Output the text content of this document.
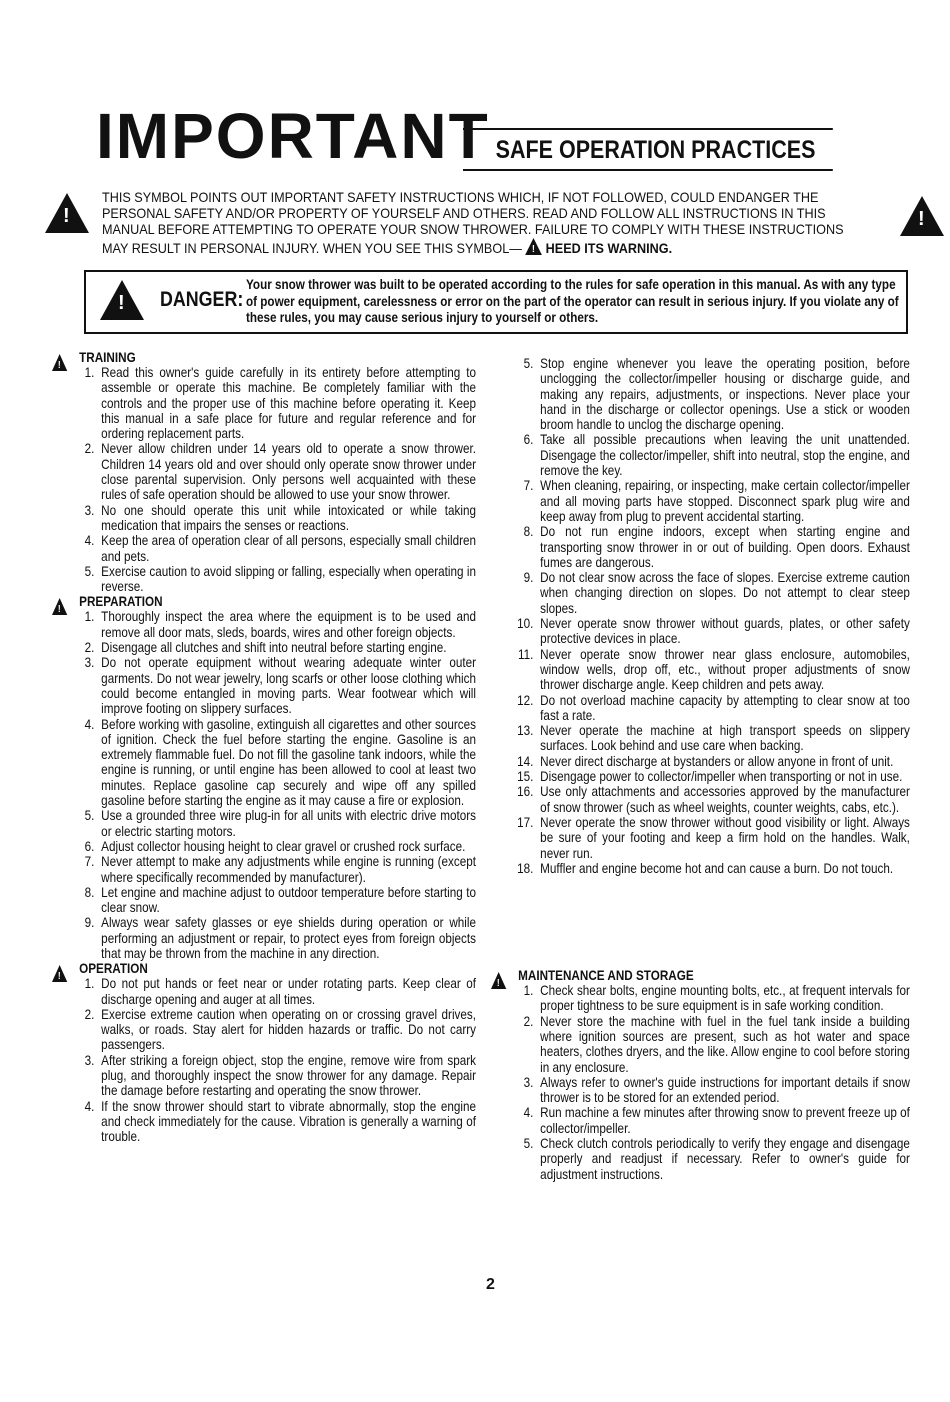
IMPORTANT SAFE OPERATION PRACTICES
!
!
THIS SYMBOL POINTS OUT IMPORTANT SAFETY INSTRUCTIONS WHICH, IF NOT FOLLOWED, COULD ENDANGER THE PERSONAL SAFETY AND/OR PROPERTY OF YOURSELF AND OTHERS. READ AND FOLLOW ALL INSTRUCTIONS IN THIS MANUAL BEFORE ATTEMPTING TO OPERATE YOUR SNOW THROWER. FAILURE TO COMPLY WITH THESE INSTRUCTIONS MAY RESULT IN PERSONAL INJURY. WHEN YOU SEE THIS SYMBOL— ! HEED ITS WARNING.
!
DANGER:
Your snow thrower was built to be operated according to the rules for safe operation in this manual. As with any type of power equipment, carelessness or error on the part of the operator can result in serious injury. If you violate any of these rules, you may cause serious injury to yourself or others.
!
TRAINING
1. Read this owner's guide carefully in its entirety before attempting to assemble or operate this machine. Be completely familiar with the controls and the proper use of this machine before operating it. Keep this manual in a safe place for future and regular reference and for ordering replacement parts.
2. Never allow children under 14 years old to operate a snow thrower. Children 14 years old and over should only operate snow thrower under close parental supervision. Only persons well acquainted with these rules of safe operation should be allowed to use your snow thrower.
3. No one should operate this unit while intoxicated or while taking medication that impairs the senses or reactions.
4. Keep the area of operation clear of all persons, especially small children and pets.
5. Exercise caution to avoid slipping or falling, especially when operating in reverse.
!
PREPARATION
1. Thoroughly inspect the area where the equipment is to be used and remove all door mats, sleds, boards, wires and other foreign objects.
2. Disengage all clutches and shift into neutral before starting engine.
3. Do not operate equipment without wearing adequate winter outer garments. Do not wear jewelry, long scarfs or other loose clothing which could become entangled in moving parts. Wear footwear which will improve footing on slippery surfaces.
4. Before working with gasoline, extinguish all cigarettes and other sources of ignition. Check the fuel before starting the engine. Gasoline is an extremely flammable fuel. Do not fill the gasoline tank indoors, while the engine is running, or until engine has been allowed to cool at least two minutes. Replace gasoline cap securely and wipe off any spilled gasoline before starting the engine as it may cause a fire or explosion.
5. Use a grounded three wire plug-in for all units with electric drive motors or electric starting motors.
6. Adjust collector housing height to clear gravel or crushed rock surface.
7. Never attempt to make any adjustments while engine is running (except where specifically recommended by manufacturer).
8. Let engine and machine adjust to outdoor temperature before starting to clear snow.
9. Always wear safety glasses or eye shields during operation or while performing an adjustment or repair, to protect eyes from foreign objects that may be thrown from the machine in any direction.
!
OPERATION
1. Do not put hands or feet near or under rotating parts. Keep clear of discharge opening and auger at all times.
2. Exercise extreme caution when operating on or crossing gravel drives, walks, or roads. Stay alert for hidden hazards or traffic. Do not carry passengers.
3. After striking a foreign object, stop the engine, remove wire from spark plug, and thoroughly inspect the snow thrower for any damage. Repair the damage before restarting and operating the snow thrower.
4. If the snow thrower should start to vibrate abnormally, stop the engine and check immediately for the cause. Vibration is generally a warning of trouble.
5. Stop engine whenever you leave the operating position, before unclogging the collector/impeller housing or discharge guide, and making any repairs, adjustments, or inspections. Never place your hand in the discharge or collector openings. Use a stick or wooden broom handle to unclog the discharge opening.
6. Take all possible precautions when leaving the unit unattended. Disengage the collector/impeller, shift into neutral, stop the engine, and remove the key.
7. When cleaning, repairing, or inspecting, make certain collector/impeller and all moving parts have stopped. Disconnect spark plug wire and keep away from plug to prevent accidental starting.
8. Do not run engine indoors, except when starting engine and transporting snow thrower in or out of building. Open doors. Exhaust fumes are dangerous.
9. Do not clear snow across the face of slopes. Exercise extreme caution when changing direction on slopes. Do not attempt to clear steep slopes.
10. Never operate snow thrower without guards, plates, or other safety protective devices in place.
11. Never operate snow thrower near glass enclosure, automobiles, window wells, drop off, etc., without proper adjustments of snow thrower discharge angle. Keep children and pets away.
12. Do not overload machine capacity by attempting to clear snow at too fast a rate.
13. Never operate the machine at high transport speeds on slippery surfaces. Look behind and use care when backing.
14. Never direct discharge at bystanders or allow anyone in front of unit.
15. Disengage power to collector/impeller when transporting or not in use.
16. Use only attachments and accessories approved by the manufacturer of snow thrower (such as wheel weights, counter weights, cabs, etc.).
17. Never operate the snow thrower without good visibility or light. Always be sure of your footing and keep a firm hold on the handles. Walk, never run.
18. Muffler and engine become hot and can cause a burn. Do not touch.
!
MAINTENANCE AND STORAGE
1. Check shear bolts, engine mounting bolts, etc., at frequent intervals for proper tightness to be sure equipment is in safe working condition.
2. Never store the machine with fuel in the fuel tank inside a building where ignition sources are present, such as hot water and space heaters, clothes dryers, and the like. Allow engine to cool before storing in any enclosure.
3. Always refer to owner's guide instructions for important details if snow thrower is to be stored for an extended period.
4. Run machine a few minutes after throwing snow to prevent freeze up of collector/impeller.
5. Check clutch controls periodically to verify they engage and disengage properly and readjust if necessary. Refer to owner's guide for adjustment instructions.
2
